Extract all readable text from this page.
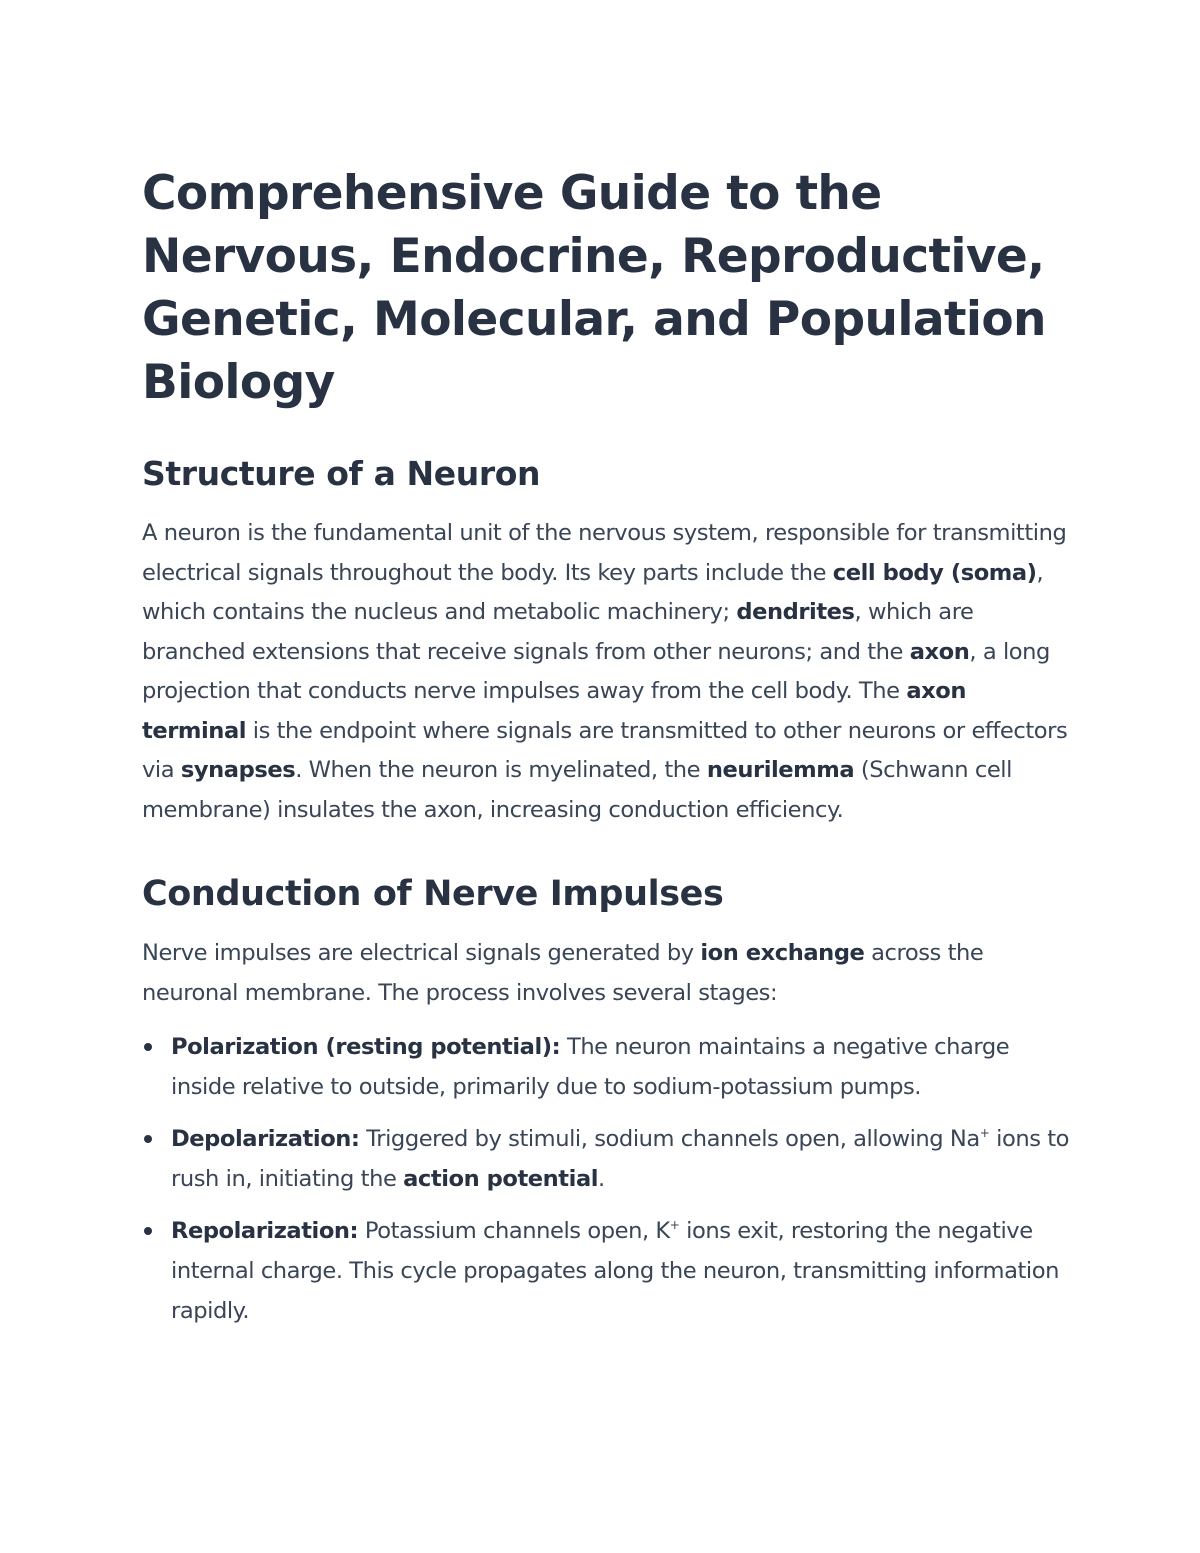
Comprehensive Guide to the Nervous, Endocrine, Reproductive, Genetic, Molecular, and Population Biology
Structure of a Neuron

A neuron is the fundamental unit of the nervous system, responsible for transmitting electrical signals throughout the body. Its key parts include the cell body (soma), which contains the nucleus and metabolic machinery; dendrites, which are branched extensions that receive signals from other neurons; and the axon, a long projection that conducts nerve impulses away from the cell body. The axon terminal is the endpoint where signals are transmitted to other neurons or effectors via synapses. When the neuron is myelinated, the neurilemma (Schwann cell membrane) insulates the axon, increasing conduction efficiency.

Conduction of Nerve Impulses

Nerve impulses are electrical signals generated by ion exchange across the neuronal membrane. The process involves several stages:

Polarization (resting potential): The neuron maintains a negative charge inside relative to outside, primarily due to sodium-potassium pumps.
Depolarization: Triggered by stimuli, sodium channels open, allowing Na+ ions to rush in, initiating the action potential.
Repolarization: Potassium channels open, K+ ions exit, restoring the negative internal charge. This cycle propagates along the neuron, transmitting information rapidly.
